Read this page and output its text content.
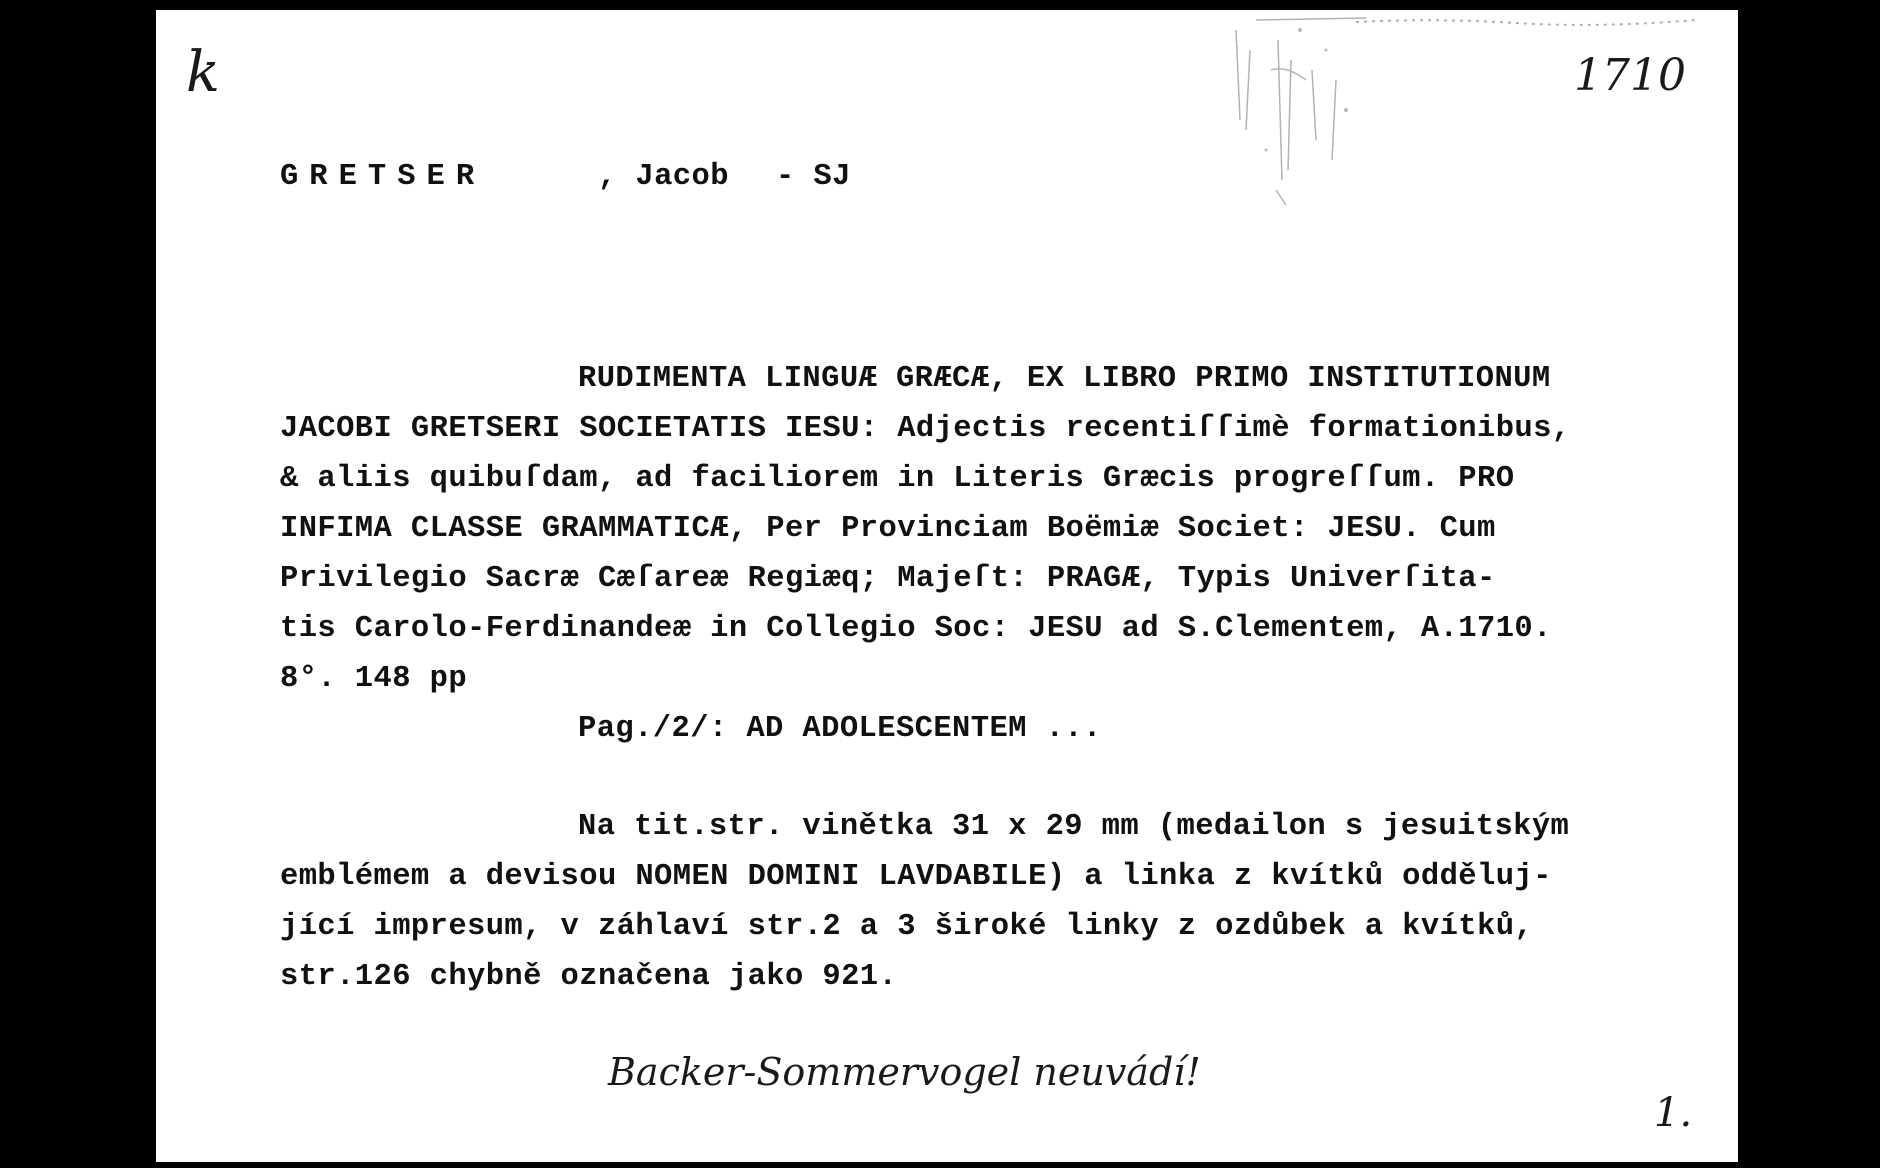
k	1710
GRETSER	, Jacob - SJ
RUDIMENTA LINGUÆ GRÆCÆ, EX LIBRO PRIMO INSTITUTIONUM
JACOBI GRETSERI SOCIETATIS IESU: Adjectis recentiſſimè formationibus,
& aliis quibuſdam, ad faciliorem in Literis Græcis progreſſum. PRO
INFIMA CLASSE GRAMMATICÆ, Per Provinciam Boëmiæ Societ: JESU. Cum
Privilegio Sacræ Cæſareæ Regiæq; Majeſt: PRAGÆ, Typis Univerſita-
tis Carolo-Ferdinandeæ in Collegio Soc: JESU ad S.Clementem, A.1710.
8°. 148 pp
Pag./2/: AD ADOLESCENTEM ...
Na tit.str. vinětka 31 x 29 mm (medailon s jesuitským
emblémem a devisou NOMEN DOMINI LAVDABILE) a linka z kvítků odděluj-
jící impresum, v záhlaví str.2 a 3 široké linky z ozdůbek a kvítků,
str.126 chybně označena jako 921.
Backer-Sommervogel neuvádí!
1.
